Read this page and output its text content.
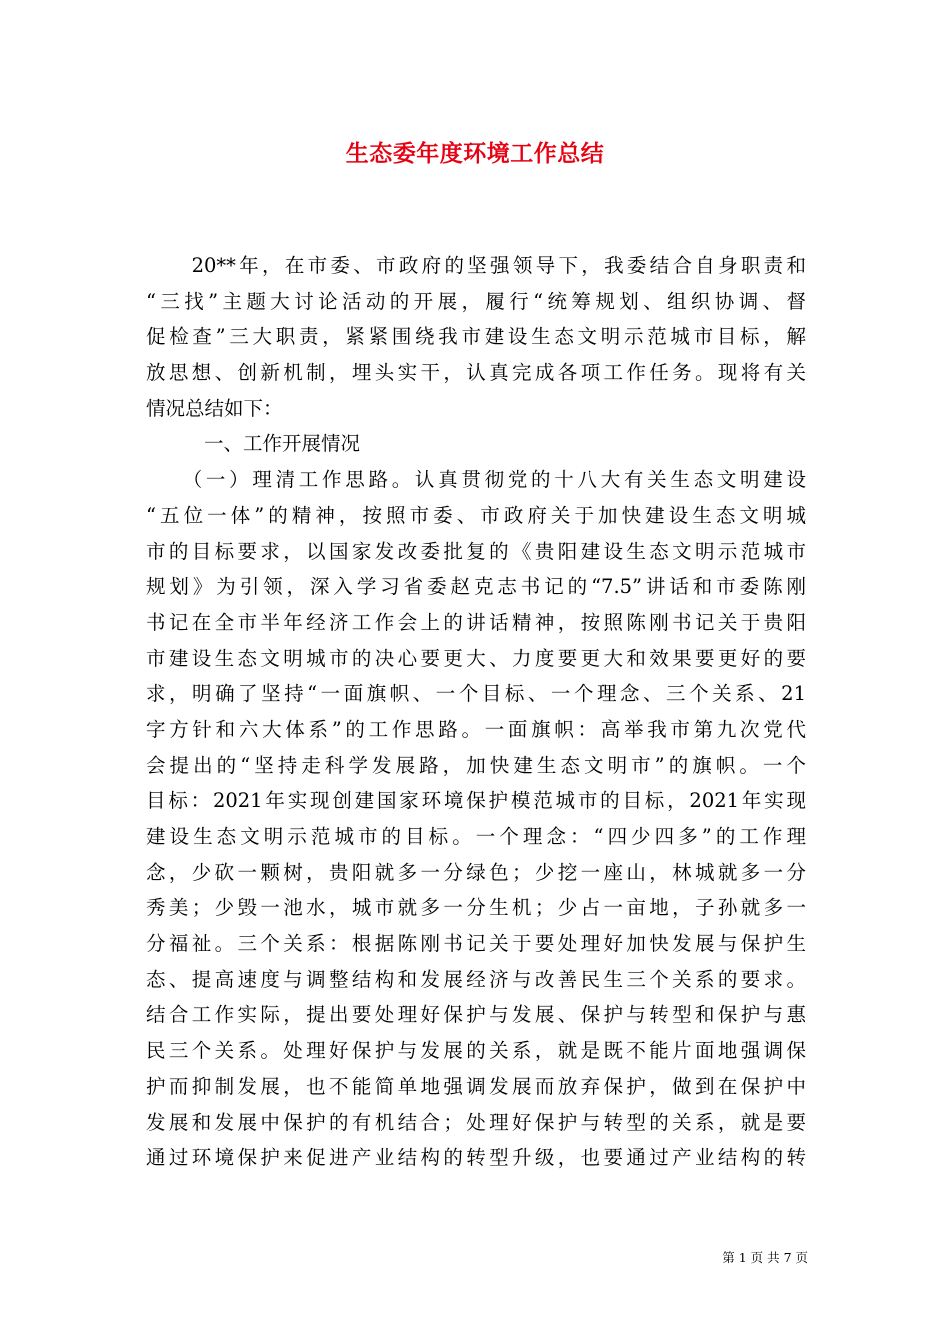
生态委年度环境工作总结
　　20**年，在市委、市政府的坚强领导下，我委结合自身职责和
“三找”主题大讨论活动的开展，履行“统筹规划、组织协调、督
促检查”三大职责，紧紧围绕我市建设生态文明示范城市目标，解
放思想、创新机制，埋头实干，认真完成各项工作任务。现将有关
情况总结如下：
一、工作开展情况
　　（一）理清工作思路。认真贯彻党的十八大有关生态文明建设
“五位一体”的精神，按照市委、市政府关于加快建设生态文明城
市的目标要求，以国家发改委批复的《贵阳建设生态文明示范城市
规划》为引领，深入学习省委赵克志书记的“7.5”讲话和市委陈刚
书记在全市半年经济工作会上的讲话精神，按照陈刚书记关于贵阳
市建设生态文明城市的决心要更大、力度要更大和效果要更好的要
求，明确了坚持“一面旗帜、一个目标、一个理念、三个关系、21
字方针和六大体系”的工作思路。一面旗帜：高举我市第九次党代
会提出的“坚持走科学发展路，加快建生态文明市”的旗帜。一个
目标：2021年实现创建国家环境保护模范城市的目标，2021年实现
建设生态文明示范城市的目标。一个理念：“四少四多”的工作理
念，少砍一颗树，贵阳就多一分绿色；少挖一座山，林城就多一分
秀美；少毁一池水，城市就多一分生机；少占一亩地，子孙就多一
分福祉。三个关系：根据陈刚书记关于要处理好加快发展与保护生
态、提高速度与调整结构和发展经济与改善民生三个关系的要求。
结合工作实际，提出要处理好保护与发展、保护与转型和保护与惠
民三个关系。处理好保护与发展的关系，就是既不能片面地强调保
护而抑制发展，也不能简单地强调发展而放弃保护，做到在保护中
发展和发展中保护的有机结合；处理好保护与转型的关系，就是要
通过环境保护来促进产业结构的转型升级，也要通过产业结构的转
第 1 页 共 7 页
